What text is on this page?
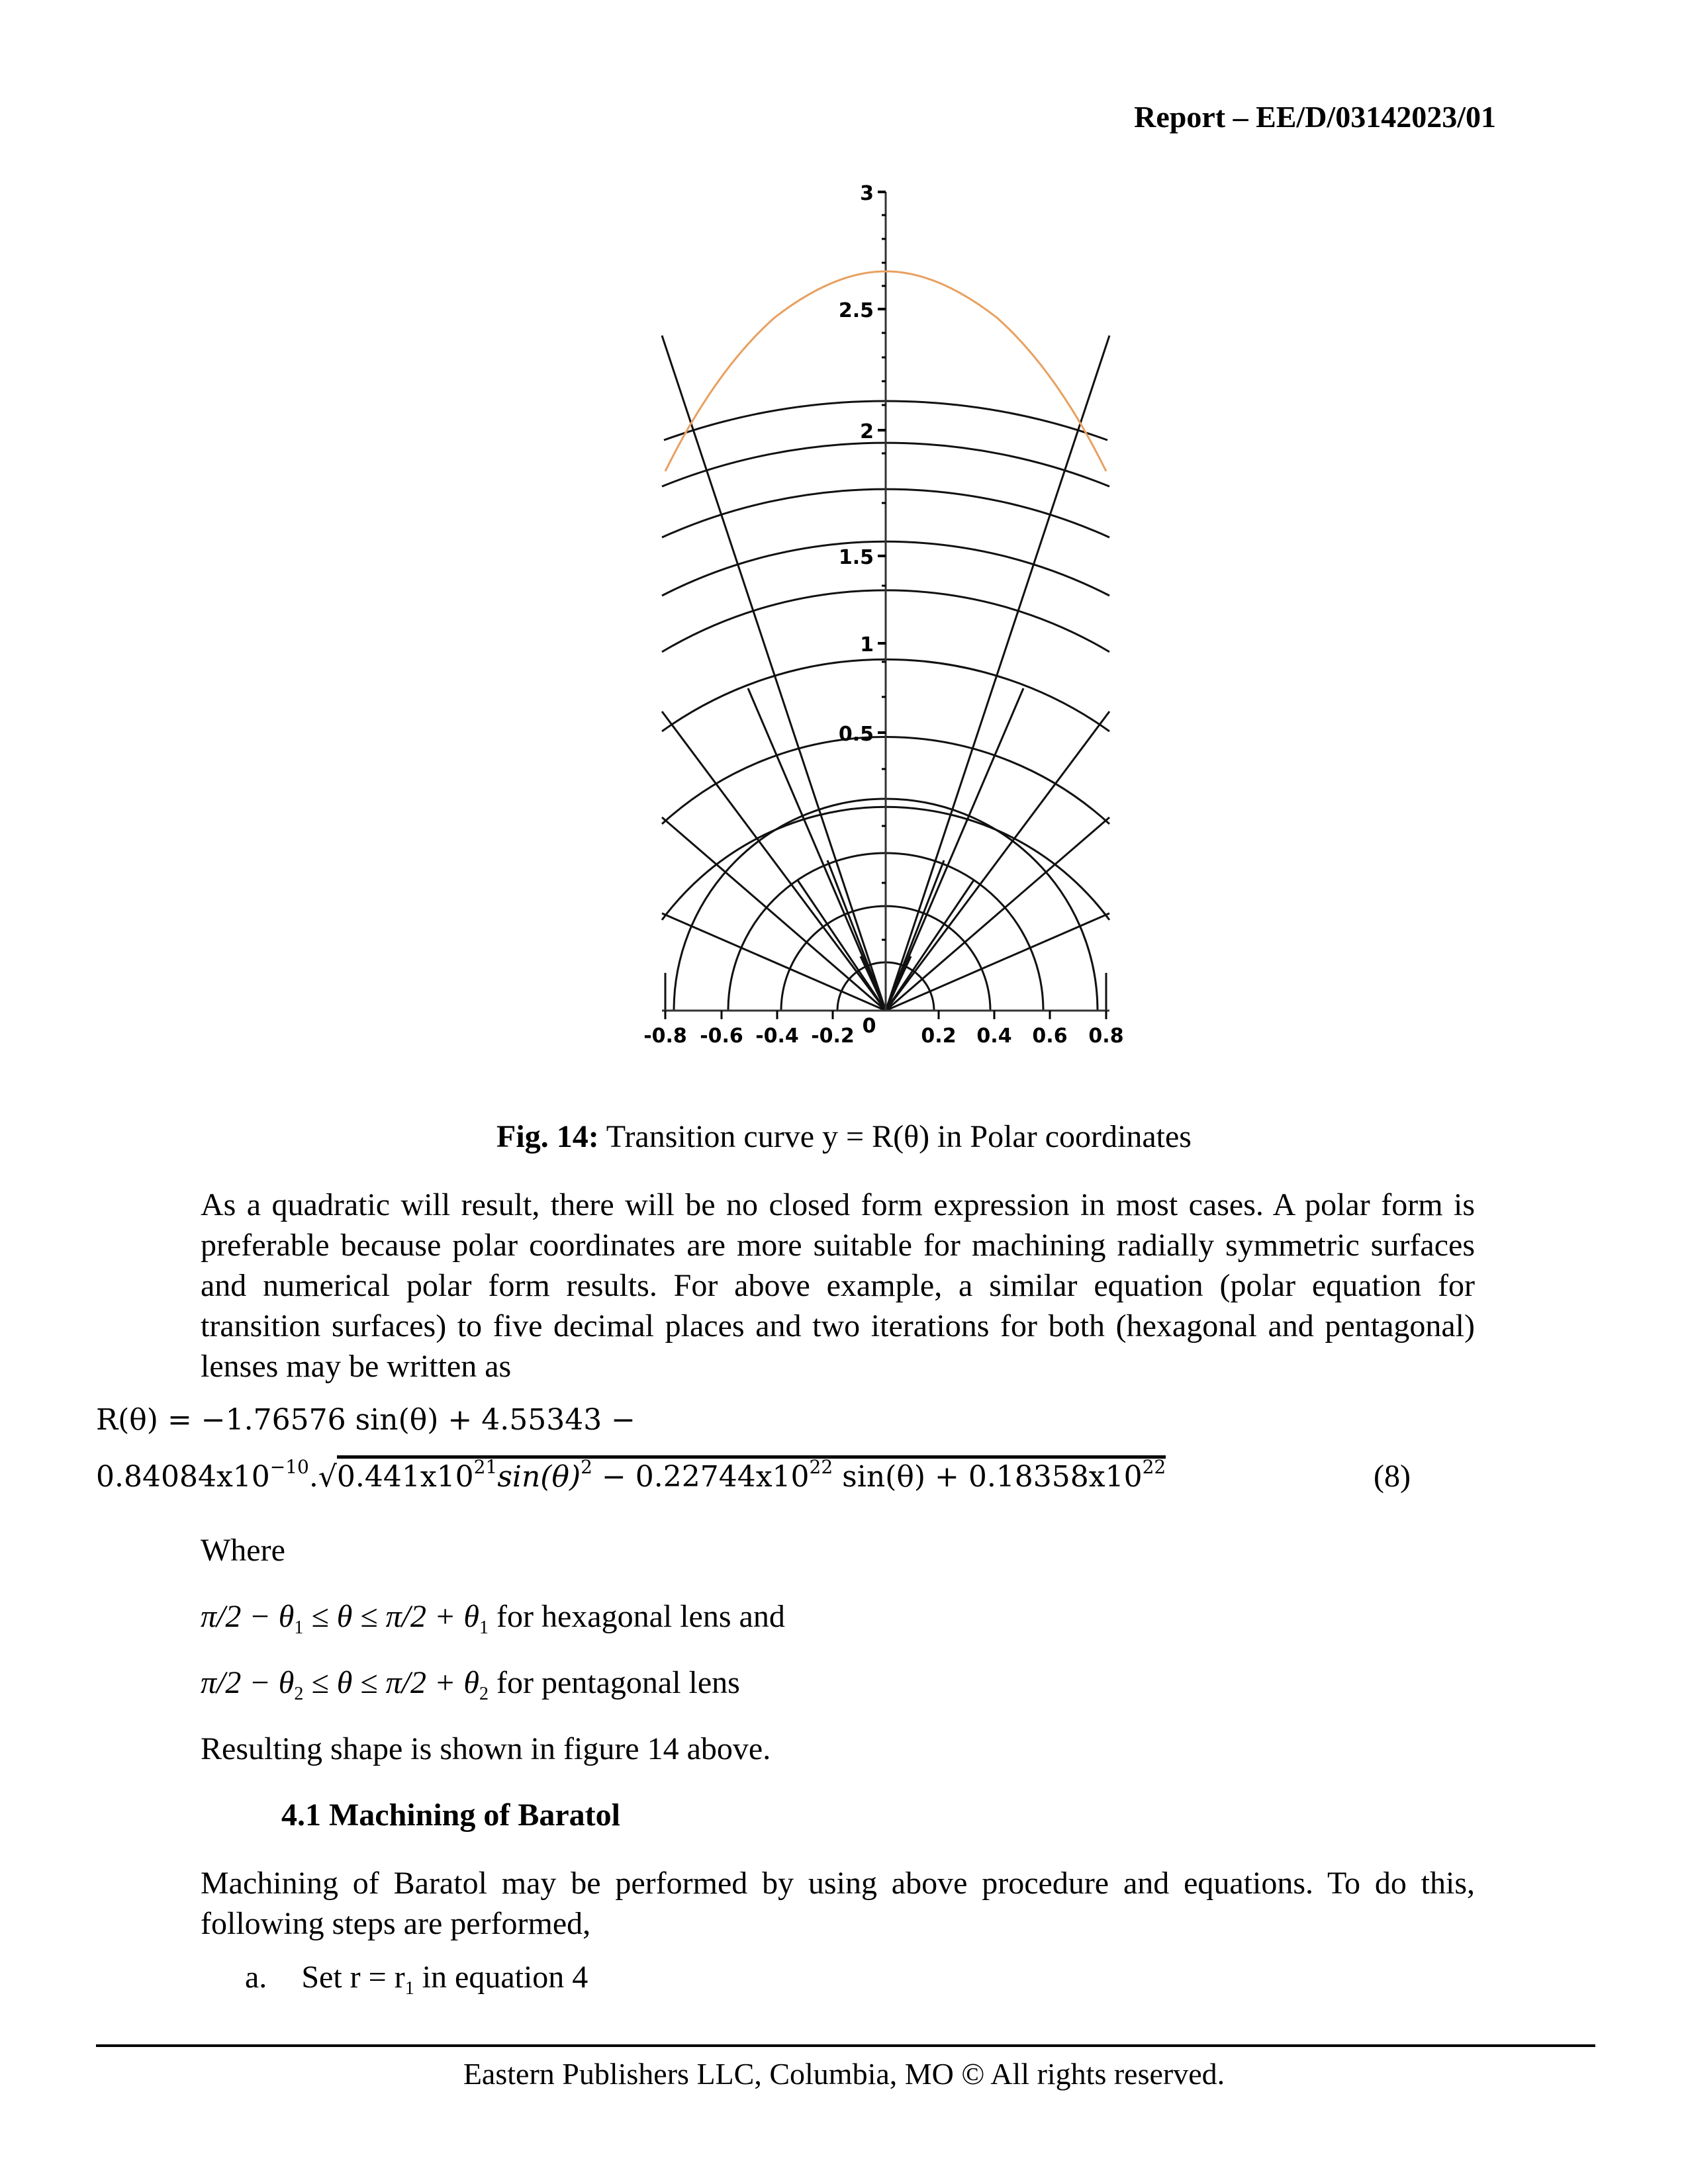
Report – EE/D/03142023/01
3
2.5
2
1.5
1
0.5
-0.8 -0.6 -0.4 -0.2 0 0.2 0.4 0.6 0.8
Fig. 14: Transition curve y = R(θ) in Polar coordinates
As a quadratic will result, there will be no closed form expression in most cases. A polar form is preferable because polar coordinates are more suitable for machining radially symmetric surfaces and numerical polar form results. For above example, a similar equation (polar equation for transition surfaces) to five decimal places and two iterations for both (hexagonal and pentagonal) lenses may be written as
R(θ) = −1.76576 sin(θ) + 4.55343 −
$0.84084x10^{-10}.√0.441x10^{21}\sin(\theta)^2 - 0.22744x10^{22}$ $\sin(\theta) + 0.18358x10^{22}$	(8)
Where
$\pi/2 - \theta_1 \le \theta \le \pi/2 + \theta_1$ for hexagonal lens and
$\pi/2 - \theta_2 \le \theta \le \pi/2 + \theta_2$ for pentagonal lens
Resulting shape is shown in figure 14 above.
4.1 Machining of Baratol
Machining of Baratol may be performed by using above procedure and equations. To do this, following steps are performed,
a. Set $r = r_1$ in equation 4
Eastern Publishers LLC, Columbia, MO © All rights reserved.
